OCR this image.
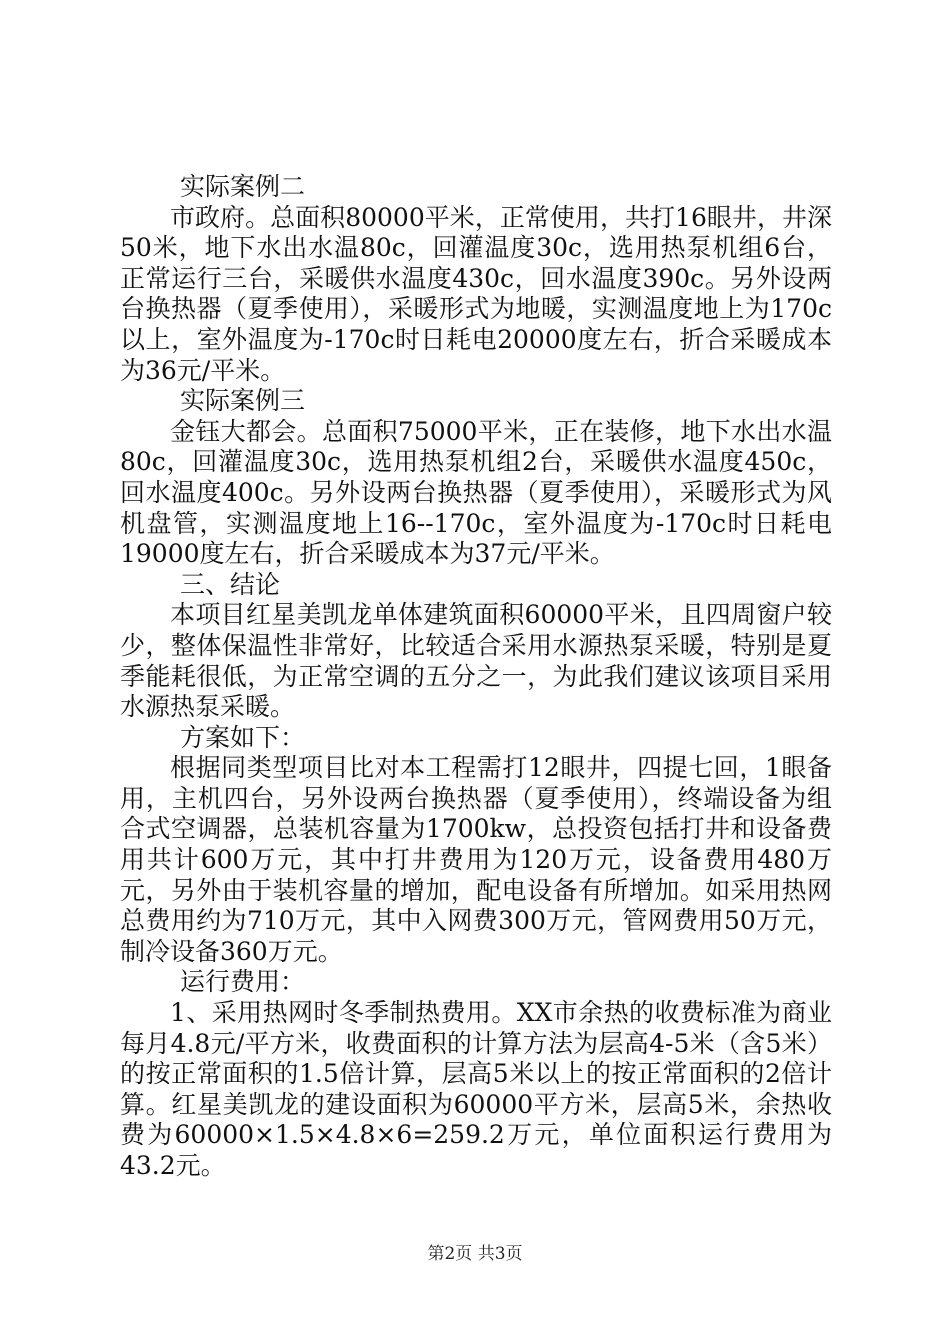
实际案例二

市政府。总面积80000平米，正常使用，共打16眼井，井深50米，地下水出水温80c，回灌温度30c，选用热泵机组6台，正常运行三台，采暖供水温度430c，回水温度390c。另外设两台换热器（夏季使用），采暖形式为地暖，实测温度地上为170c以上，室外温度为-170c时日耗电20000度左右，折合采暖成本为36元/平米。

实际案例三

金钰大都会。总面积75000平米，正在装修，地下水出水温80c，回灌温度30c，选用热泵机组2台，采暖供水温度450c，回水温度400c。另外设两台换热器（夏季使用），采暖形式为风机盘管，实测温度地上16--170c，室外温度为-170c时日耗电19000度左右，折合采暖成本为37元/平米。

三、结论

本项目红星美凯龙单体建筑面积60000平米，且四周窗户较少，整体保温性非常好，比较适合采用水源热泵采暖，特别是夏季能耗很低，为正常空调的五分之一，为此我们建议该项目采用水源热泵采暖。

方案如下：

根据同类型项目比对本工程需打12眼井，四提七回，1眼备用，主机四台，另外设两台换热器（夏季使用），终端设备为组合式空调器，总装机容量为1700kw，总投资包括打井和设备费用共计600万元，其中打井费用为120万元，设备费用480万元，另外由于装机容量的增加，配电设备有所增加。如采用热网总费用约为710万元，其中入网费300万元，管网费用50万元，制冷设备360万元。

运行费用：

1、采用热网时冬季制热费用。XX市余热的收费标准为商业每月4.8元/平方米，收费面积的计算方法为层高4-5米（含5米）的按正常面积的1.5倍计算，层高5米以上的按正常面积的2倍计算。红星美凯龙的建设面积为60000平方米，层高5米，余热收费为60000×1.5×4.8×6=259.2万元，单位面积运行费用为43.2元。

第2页 共3页
